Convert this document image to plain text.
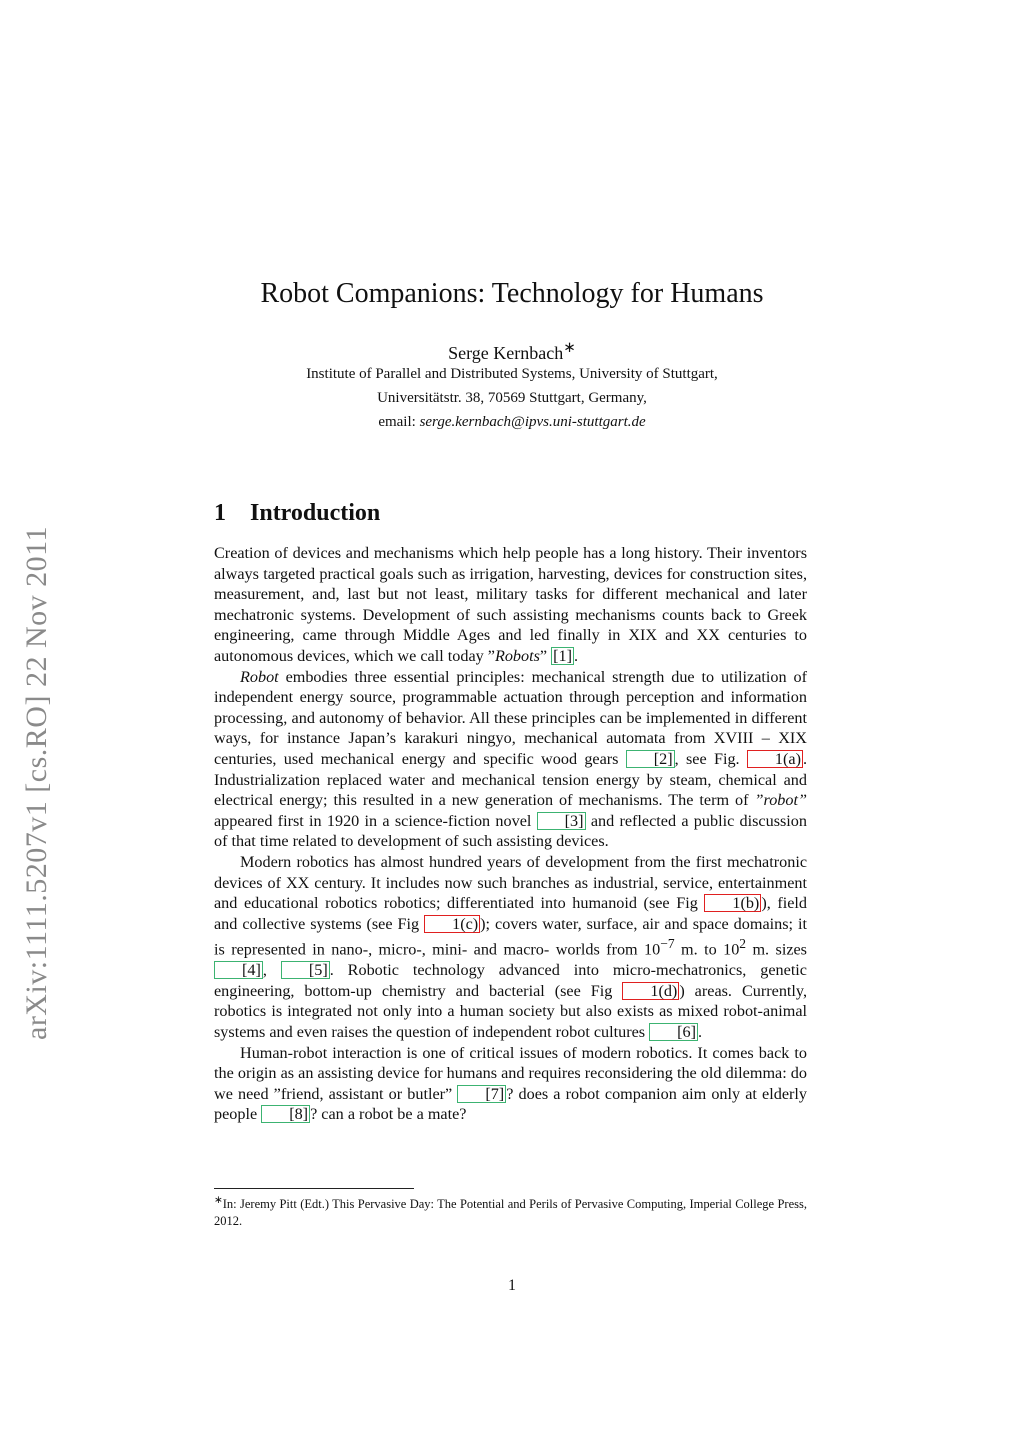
arXiv:1111.5207v1 [cs.RO] 22 Nov 2011
Robot Companions: Technology for Humans
Serge Kernbach∗
Institute of Parallel and Distributed Systems, University of Stuttgart,
Universitätstr. 38, 70569 Stuttgart, Germany,
email: serge.kernbach@ipvs.uni-stuttgart.de
1 Introduction

Creation of devices and mechanisms which help people has a long history. Their inventors always targeted practical goals such as irrigation, harvesting, devices for construction sites, measurement, and, last but not least, military tasks for different mechanical and later mechatronic systems. Development of such assisting mechanisms counts back to Greek engineering, came through Middle Ages and led finally in XIX and XX centuries to autonomous devices, which we call today ”Robots” [1] .

Robot embodies three essential principles: mechanical strength due to utilization of independent energy source, programmable actuation through perception and information processing, and autonomy of behavior. All these principles can be implemented in different ways, for instance Japan’s karakuri ningyo, mechanical automata from XVIII – XIX centuries, used mechanical energy and specific wood gears [2] , see Fig. 1(a) . Industrialization replaced water and mechanical tension energy by steam, chemical and electrical energy; this resulted in a new generation of mechanisms. The term of ”robot” appeared first in 1920 in a science-fiction novel [3] and reflected a public discussion of that time related to development of such assisting devices.

Modern robotics has almost hundred years of development from the first mechatronic devices of XX century. It includes now such branches as industrial, service, entertainment and educational robotics robotics; differentiated into humanoid (see Fig 1(b) ), field and collective systems (see Fig 1(c) ); covers water, surface, air and space domains; it is represented in nano-, micro-, mini- and macro- worlds from $10^{-7}$ m. to $10^2$ m. sizes [4] , [5] . Robotic technology advanced into micro-mechatronics, genetic engineering, bottom-up chemistry and bacterial (see Fig 1(d) ) areas. Currently, robotics is integrated not only into a human society but also exists as mixed robot-animal systems and even raises the question of independent robot cultures [6] .

Human-robot interaction is one of critical issues of modern robotics. It comes back to the origin as an assisting device for humans and requires reconsidering the old dilemma: do we need ”friend, assistant or butler” [7] ? does a robot companion aim only at elderly people [8] ? can a robot be a mate?

∗In: Jeremy Pitt (Edt.) This Pervasive Day: The Potential and Perils of Pervasive Computing, Imperial College Press, 2012.
1
